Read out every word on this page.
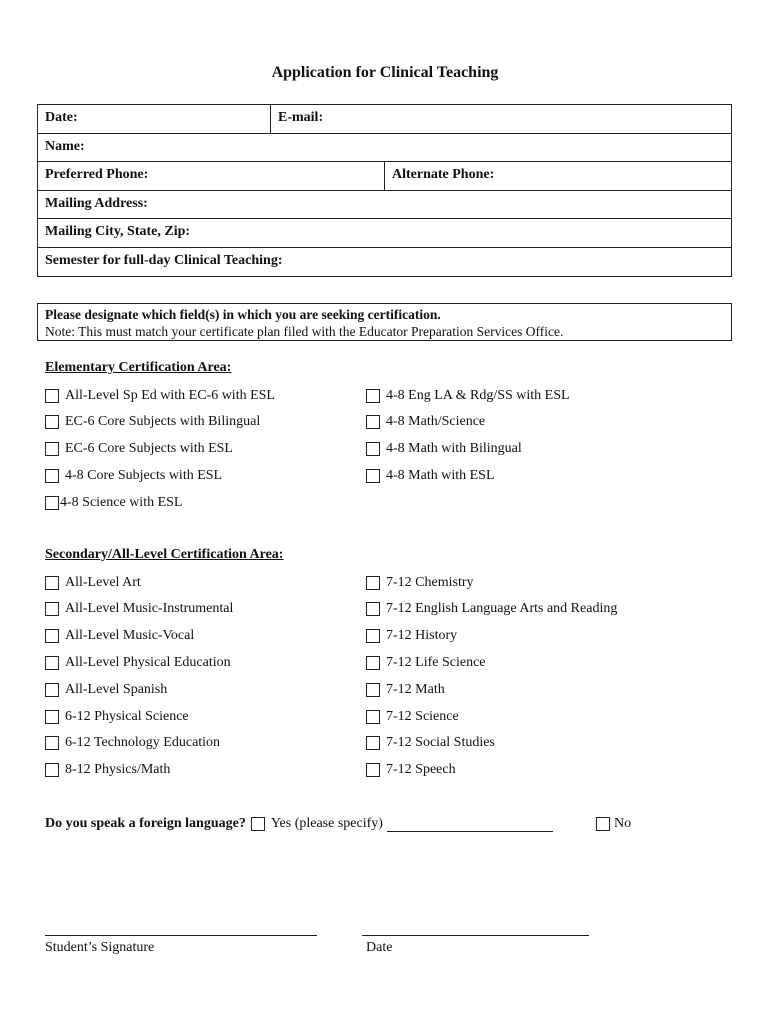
Application for Clinical Teaching
Date:	E-mail:
Name:
Preferred Phone:	Alternate Phone:
Mailing Address:
Mailing City, State, Zip:
Semester for full-day Clinical Teaching:
Please designate which field(s) in which you are seeking certification.
Note: This must match your certificate plan filed with the Educator Preparation Services Office.
Elementary Certification Area:
All-Level Sp Ed with EC-6 with ESL
EC-6 Core Subjects with Bilingual
EC-6 Core Subjects with ESL
4-8 Core Subjects with ESL
4-8 Science with ESL
4-8 Eng LA & Rdg/SS with ESL
4-8 Math/Science
4-8 Math with Bilingual
4-8 Math with ESL
Secondary/All-Level Certification Area:
All-Level Art
All-Level Music-Instrumental
All-Level Music-Vocal
All-Level Physical Education
All-Level Spanish
6-12 Physical Science
6-12 Technology Education
8-12 Physics/Math
7-12 Chemistry
7-12 English Language Arts and Reading
7-12 History
7-12 Life Science
7-12 Math
7-12 Science
7-12 Social Studies
7-12 Speech
Do you speak a foreign language? Yes (please specify)	No
Student’s Signature	Date
